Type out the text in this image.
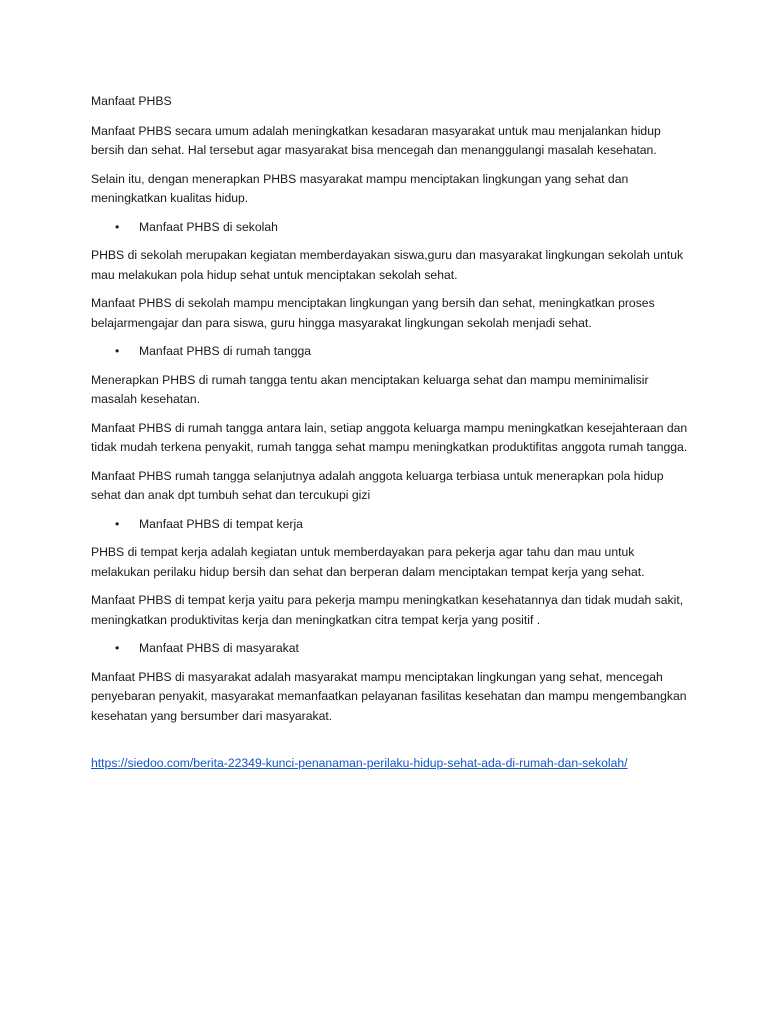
Manfaat PHBS

Manfaat PHBS secara umum adalah meningkatkan kesadaran masyarakat untuk mau menjalankan hidup bersih dan sehat. Hal tersebut agar masyarakat bisa mencegah dan menanggulangi masalah kesehatan.

Selain itu, dengan menerapkan PHBS masyarakat mampu menciptakan lingkungan yang sehat dan meningkatkan kualitas hidup.

• Manfaat PHBS di sekolah

PHBS di sekolah merupakan kegiatan memberdayakan siswa,guru dan masyarakat lingkungan sekolah untuk mau melakukan pola hidup sehat untuk menciptakan sekolah sehat.

Manfaat PHBS di sekolah mampu menciptakan lingkungan yang bersih dan sehat, meningkatkan proses belajarmengajar dan para siswa, guru hingga masyarakat lingkungan sekolah menjadi sehat.

• Manfaat PHBS di rumah tangga

Menerapkan PHBS di rumah tangga tentu akan menciptakan keluarga sehat dan mampu meminimalisir masalah kesehatan.

Manfaat PHBS di rumah tangga antara lain, setiap anggota keluarga mampu meningkatkan kesejahteraan dan tidak mudah terkena penyakit, rumah tangga sehat mampu meningkatkan produktifitas anggota rumah tangga.

Manfaat PHBS rumah tangga selanjutnya adalah anggota keluarga terbiasa untuk menerapkan pola hidup sehat dan anak dpt tumbuh sehat dan tercukupi gizi

• Manfaat PHBS di tempat kerja

PHBS di tempat kerja adalah kegiatan untuk memberdayakan para pekerja agar tahu dan mau untuk melakukan perilaku hidup bersih dan sehat dan berperan dalam menciptakan tempat kerja yang sehat.

Manfaat PHBS di tempat kerja yaitu para pekerja mampu meningkatkan kesehatannya dan tidak mudah sakit, meningkatkan produktivitas kerja dan meningkatkan citra tempat kerja yang positif .

• Manfaat PHBS di masyarakat

Manfaat PHBS di masyarakat adalah masyarakat mampu menciptakan lingkungan yang sehat, mencegah penyebaran penyakit, masyarakat memanfaatkan pelayanan fasilitas kesehatan dan mampu mengembangkan kesehatan yang bersumber dari masyarakat.

https://siedoo.com/berita-22349-kunci-penanaman-perilaku-hidup-sehat-ada-di-rumah-dan-sekolah/
